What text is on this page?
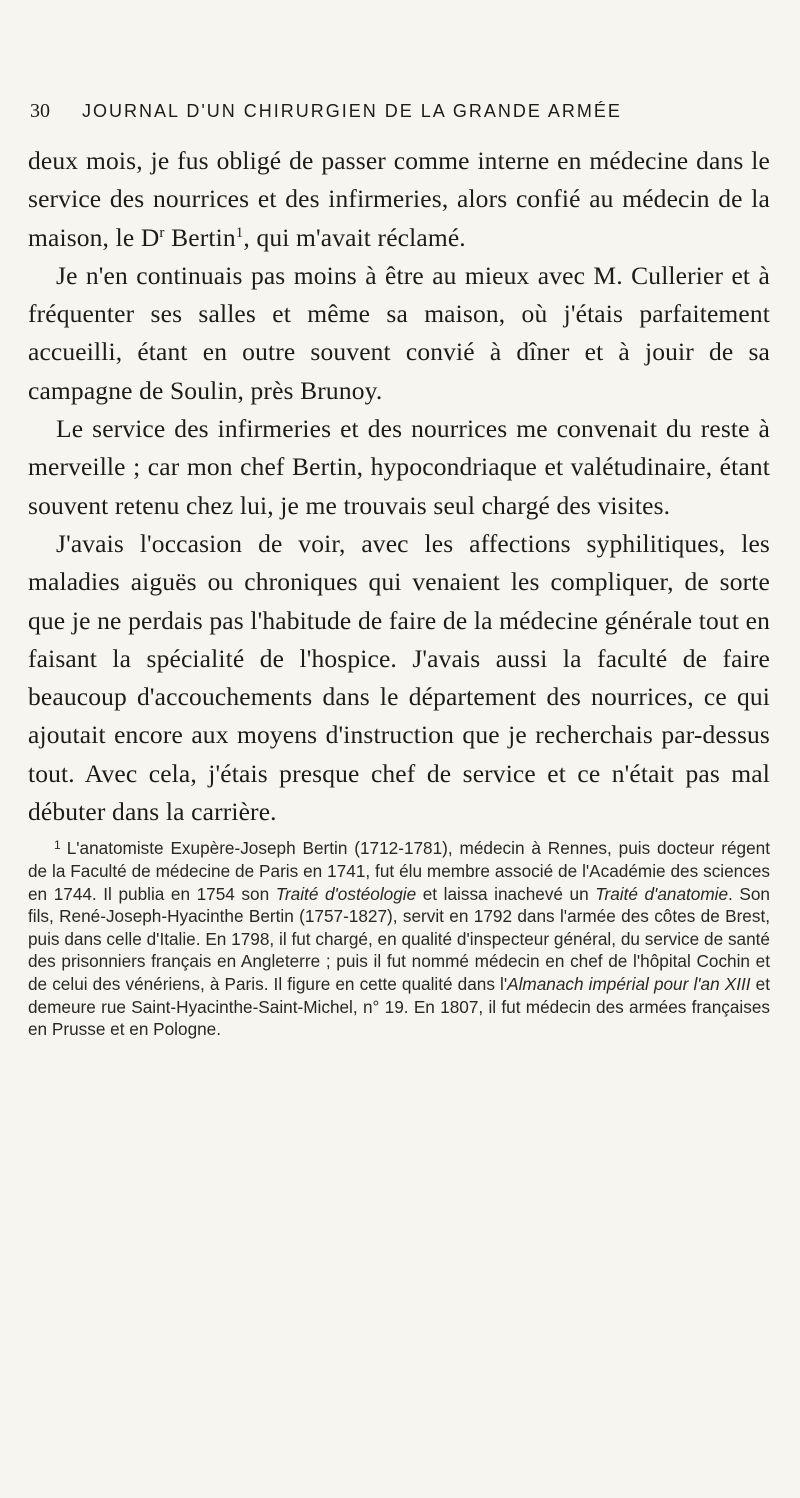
30	JOURNAL D'UN CHIRURGIEN DE LA GRANDE ARMÉE

deux mois, je fus obligé de passer comme interne en médecine dans le service des nourrices et des infirmeries, alors confié au médecin de la maison, le $D^r$ Bertin$^1$, qui m'avait réclamé.

Je n'en continuais pas moins à être au mieux avec M. Cullerier et à fréquenter ses salles et même sa maison, où j'étais parfaitement accueilli, étant en outre souvent convié à dîner et à jouir de sa campagne de Soulin, près Brunoy.

Le service des infirmeries et des nourrices me convenait du reste à merveille ; car mon chef Bertin, hypocondriaque et valétudinaire, étant souvent retenu chez lui, je me trouvais seul chargé des visites.

J'avais l'occasion de voir, avec les affections syphilitiques, les maladies aiguës ou chroniques qui venaient les compliquer, de sorte que je ne perdais pas l'habitude de faire de la médecine générale tout en faisant la spécialité de l'hospice. J'avais aussi la faculté de faire beaucoup d'accouchements dans le département des nourrices, ce qui ajoutait encore aux moyens d'instruction que je recherchais par-dessus tout. Avec cela, j'étais presque chef de service et ce n'était pas mal débuter dans la carrière.

$^1$ L'anatomiste Exupère-Joseph Bertin (1712-1781), médecin à Rennes, puis docteur régent de la Faculté de médecine de Paris en 1741, fut élu membre associé de l'Académie des sciences en 1744. Il publia en 1754 son Traité d'ostéologie et laissa inachevé un Traité d'anatomie. Son fils, René-Joseph-Hyacinthe Bertin (1757-1827), servit en 1792 dans l'armée des côtes de Brest, puis dans celle d'Italie. En 1798, il fut chargé, en qualité d'inspecteur général, du service de santé des prisonniers français en Angleterre ; puis il fut nommé médecin en chef de l'hôpital Cochin et de celui des vénériens, à Paris. Il figure en cette qualité dans l'Almanach impérial pour l'an XIII et demeure rue Saint-Hyacinthe-Saint-Michel, n° 19. En 1807, il fut médecin des armées françaises en Prusse et en Pologne.
